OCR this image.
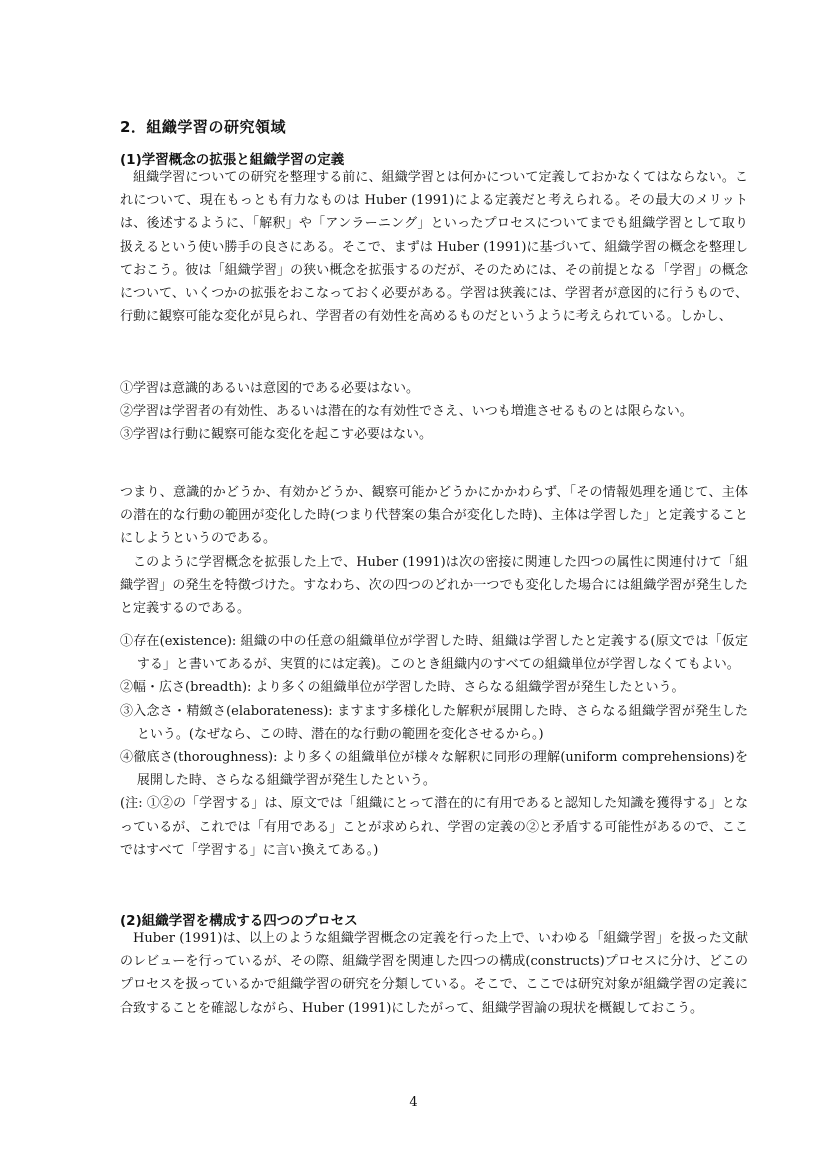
2．組織学習の研究領域
(1)学習概念の拡張と組織学習の定義

組織学習についての研究を整理する前に、組織学習とは何かについて定義しておかなくてはならない。これについて、現在もっとも有力なものは Huber (1991)による定義だと考えられる。その最大のメリットは、後述するように、「解釈」や「アンラーニング」といったプロセスについてまでも組織学習として取り扱えるという使い勝手の良さにある。そこで、まずは Huber (1991)に基づいて、組織学習の概念を整理しておこう。彼は「組織学習」の狭い概念を拡張するのだが、そのためには、その前提となる「学習」の概念について、いくつかの拡張をおこなっておく必要がある。学習は狭義には、学習者が意図的に行うもので、行動に観察可能な変化が見られ、学習者の有効性を高めるものだというように考えられている。しかし、

①学習は意識的あるいは意図的である必要はない。

②学習は学習者の有効性、あるいは潜在的な有効性でさえ、いつも増進させるものとは限らない。

③学習は行動に観察可能な変化を起こす必要はない。

つまり、意識的かどうか、有効かどうか、観察可能かどうかにかかわらず、「その情報処理を通じて、主体の潜在的な行動の範囲が変化した時(つまり代替案の集合が変化した時)、主体は学習した」と定義することにしようというのである。

このように学習概念を拡張した上で、Huber (1991)は次の密接に関連した四つの属性に関連付けて「組織学習」の発生を特徴づけた。すなわち、次の四つのどれか一つでも変化した場合には組織学習が発生したと定義するのである。

①存在(existence): 組織の中の任意の組織単位が学習した時、組織は学習したと定義する(原文では「仮定する」と書いてあるが、実質的には定義)。このとき組織内のすべての組織単位が学習しなくてもよい。

②幅・広さ(breadth): より多くの組織単位が学習した時、さらなる組織学習が発生したという。

③入念さ・精緻さ(elaborateness): ますます多様化した解釈が展開した時、さらなる組織学習が発生したという。(なぜなら、この時、潜在的な行動の範囲を変化させるから。)

④徹底さ(thoroughness): より多くの組織単位が様々な解釈に同形の理解(uniform comprehensions)を展開した時、さらなる組織学習が発生したという。

(注: ①②の「学習する」は、原文では「組織にとって潜在的に有用であると認知した知識を獲得する」となっているが、これでは「有用である」ことが求められ、学習の定義の②と矛盾する可能性があるので、ここではすべて「学習する」に言い換えてある。)

(2)組織学習を構成する四つのプロセス

Huber (1991)は、以上のような組織学習概念の定義を行った上で、いわゆる「組織学習」を扱った文献のレビューを行っているが、その際、組織学習を関連した四つの構成(constructs)プロセスに分け、どこのプロセスを扱っているかで組織学習の研究を分類している。そこで、ここでは研究対象が組織学習の定義に合致することを確認しながら、Huber (1991)にしたがって、組織学習論の現状を概観しておこう。

4
